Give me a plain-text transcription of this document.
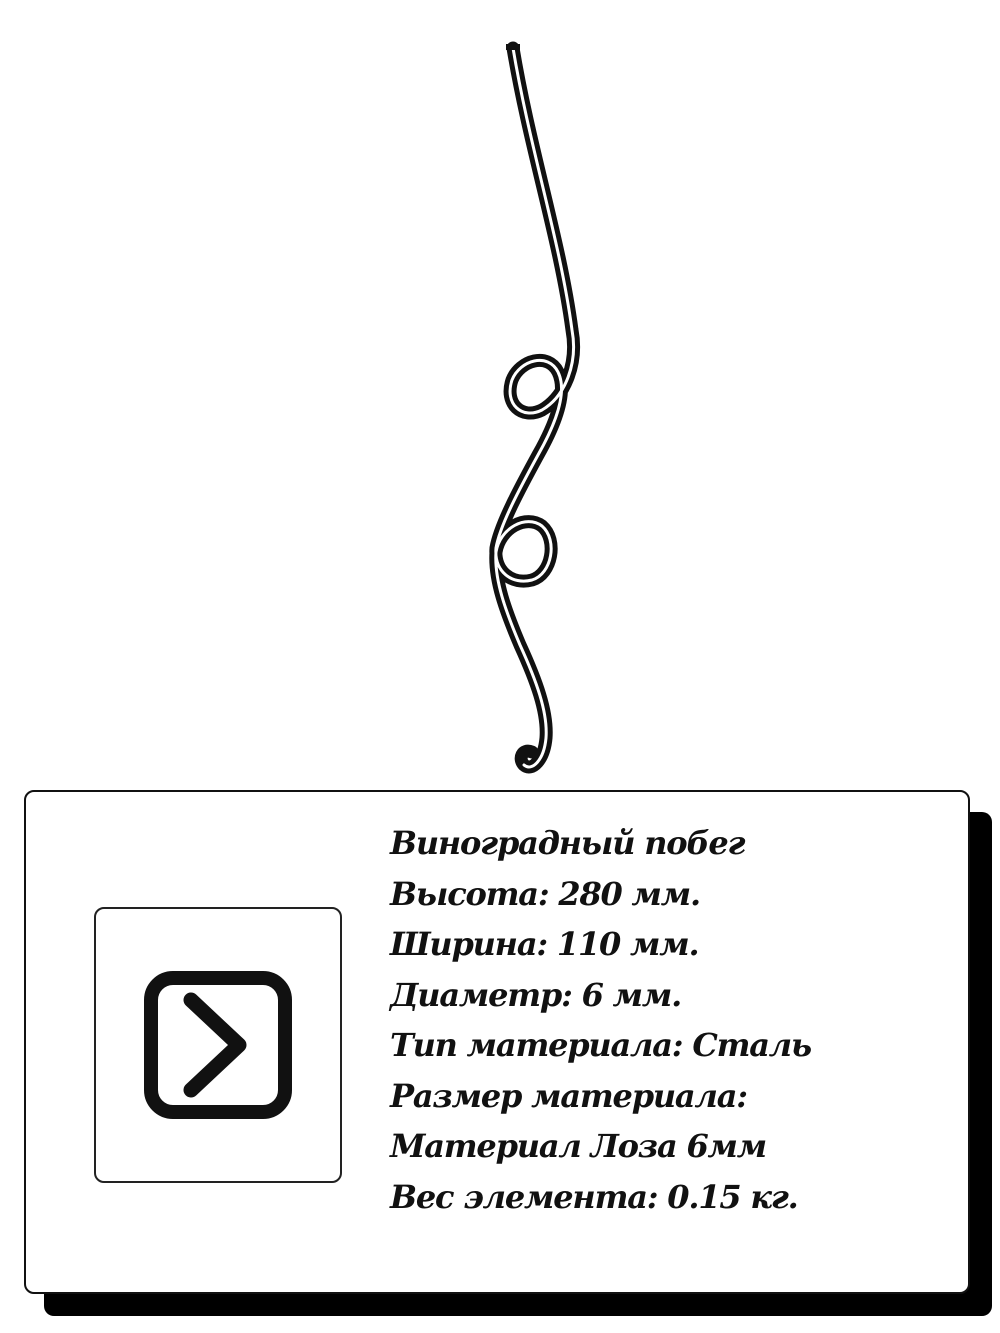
Виноградный побег
Высота: 280 мм.
Ширина: 110 мм.
Диаметр: 6 мм.
Тип материала: Сталь
Размер материала:
Материал Лоза 6мм
Вес элемента: 0.15 кг.
